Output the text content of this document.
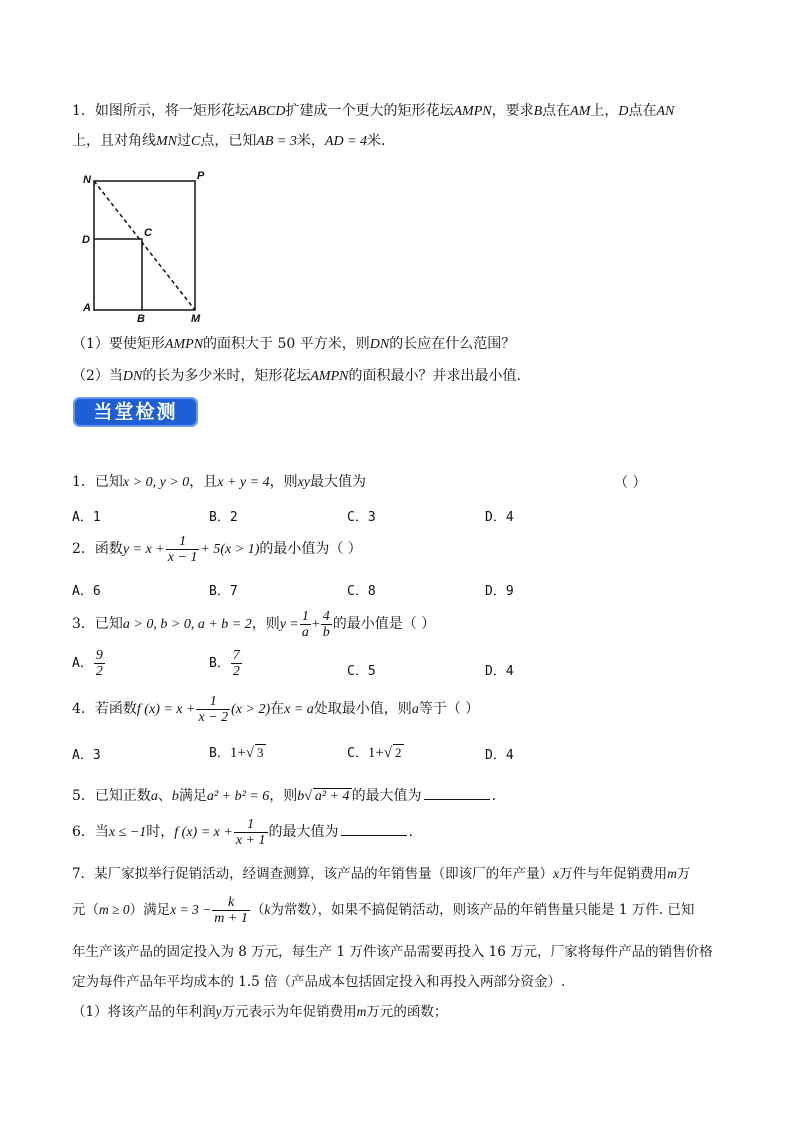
1．如图所示，将一矩形花坛ABCD扩建成一个更大的矩形花坛AMPN，要求B点在AM上，D点在AN
上，且对角线MN过C点，已知AB = 3米，AD = 4米.
N	P
C
D
A
B	M
（1）要使矩形AMPN的面积大于 50 平方米，则DN的长应在什么范围？
（2）当DN的长为多少米时，矩形花坛AMPN的面积最小？并求出最小值.
当堂检测
1．已知x > 0, y > 0，且x + y = 4，则xy最大值为	（ ）
A．1	B．2	C．3	D．4
2．函数$y = x + \frac{1}{x - 1} + 5(x > 1)$的最小值为（ ）
A．6	B．7	C．8	D．9
3．已知a > 0, b > 0, a + b = 2，则$y = \frac{1}{a} + \frac{4}{b}$ 的最小值是（ ）
A． $\frac{9}{2}$	B． $\frac{7}{2}$	C．5	D．4
4．若函数f $(x) = x + \frac{1}{x - 2} (x > 2)$在x = a处取最小值，则a等于（ ）
A．3	B．1+√ 3	C．1+√ 2	D．4
5．已知正数a、b满足a² + b² = 6，则b√ a² + 4 的最大值为	.
6．当x ≤ −1时，f $(x) = x + \frac{1}{x + 1}$ 的最大值为	.
7．某厂家拟举行促销活动，经调查测算，该产品的年销售量（即该厂的年产量）x万件与年促销费用m万
元（m ≥ 0）满足$x = 3 - \frac{k}{m + 1} (k$为常数），如果不搞促销活动，则该产品的年销售量只能是 1 万件. 已知
年生产该产品的固定投入为 8 万元，每生产 1 万件该产品需要再投入 16 万元，厂家将每件产品的销售价格
定为每件产品年平均成本的 1.5 倍（产品成本包括固定投入和再投入两部分资金）.
（1）将该产品的年利润y万元表示为年促销费用m万元的函数；
